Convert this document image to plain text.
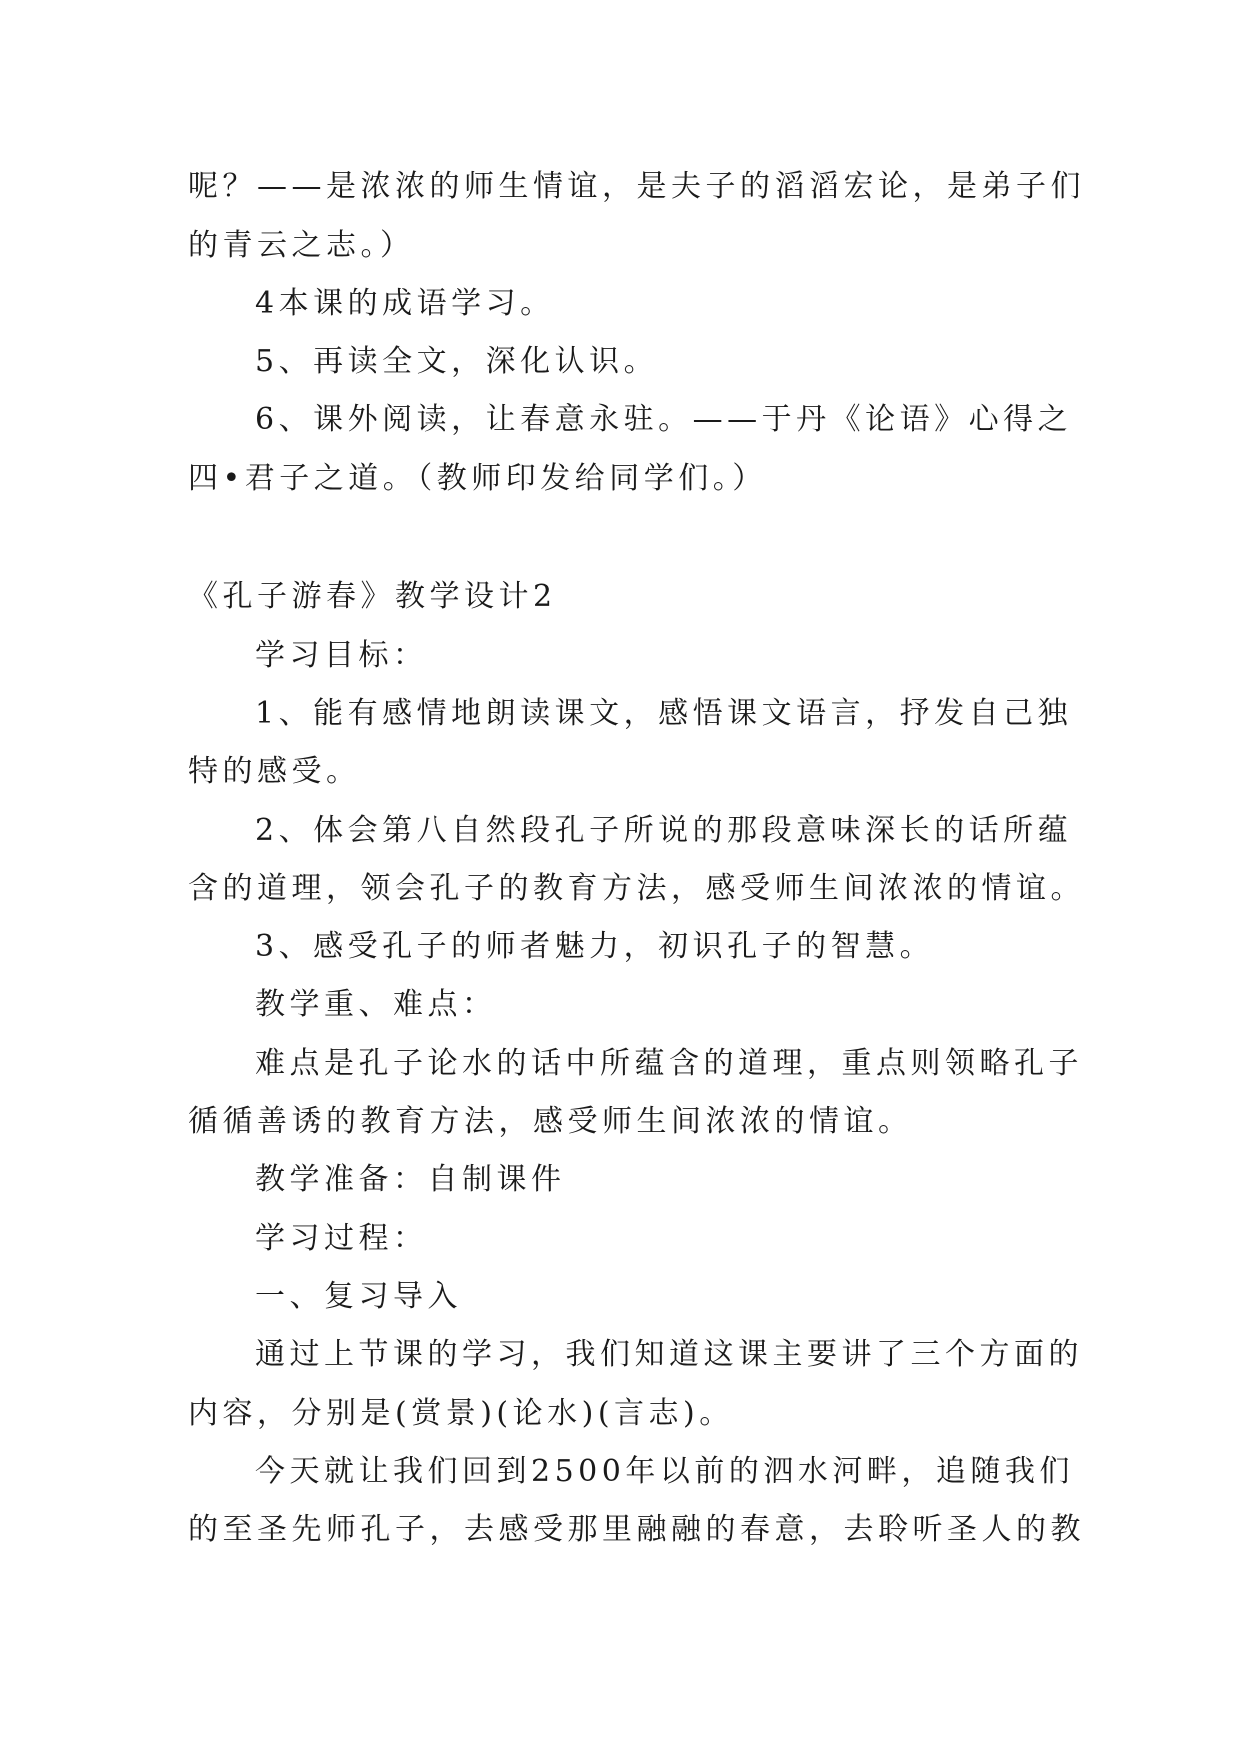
呢？——是浓浓的师生情谊，是夫子的滔滔宏论，是弟子们
的青云之志。）
4本课的成语学习。
5、再读全文，深化认识。
6、课外阅读，让春意永驻。——于丹《论语》心得之
四•君子之道。（教师印发给同学们。）
《孔子游春》教学设计2
学习目标：
1、能有感情地朗读课文，感悟课文语言，抒发自己独
特的感受。
2、体会第八自然段孔子所说的那段意味深长的话所蕴
含的道理，领会孔子的教育方法，感受师生间浓浓的情谊。
3、感受孔子的师者魅力，初识孔子的智慧。
教学重、难点：
难点是孔子论水的话中所蕴含的道理，重点则领略孔子
循循善诱的教育方法，感受师生间浓浓的情谊。
教学准备：自制课件
学习过程：
一、复习导入
通过上节课的学习，我们知道这课主要讲了三个方面的
内容，分别是(赏景)(论水)(言志)。
今天就让我们回到2500年以前的泗水河畔，追随我们
的至圣先师孔子，去感受那里融融的春意，去聆听圣人的教
